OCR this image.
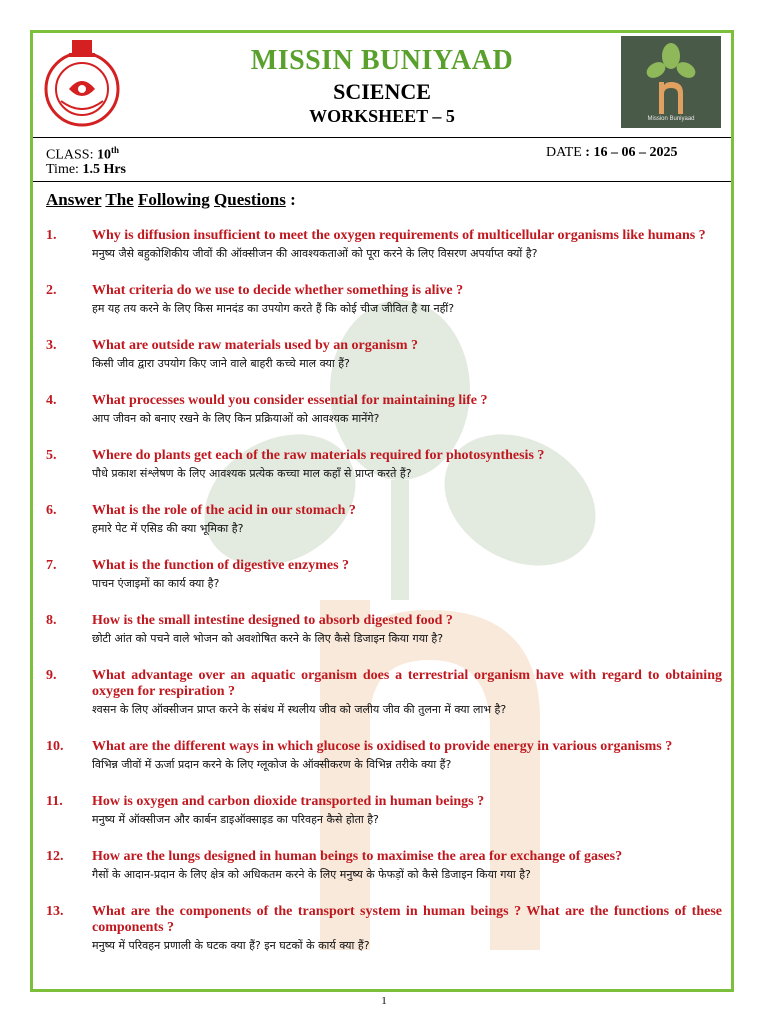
MISSIN BUNIYAAD
SCIENCE
WORKSHEET – 5	Mission Buniyaad
CLASS: 10th
Time: 1.5 Hrs
DATE : 16 – 06 – 2025
Answer The Following Questions :
1.	Why is diffusion insufficient to meet the oxygen requirements of multicellular organisms like humans ?

मनुष्य जैसे बहुकोशिकीय जीवों की ऑक्सीजन की आवश्यकताओं को पूरा करने के लिए विसरण अपर्याप्त क्यों है?

2.	What criteria do we use to decide whether something is alive ?

हम यह तय करने के लिए किस मानदंड का उपयोग करते हैं कि कोई चीज जीवित है या नहीं?

3.	What are outside raw materials used by an organism ?

किसी जीव द्वारा उपयोग किए जाने वाले बाहरी कच्चे माल क्या हैं?

4.	What processes would you consider essential for maintaining life ?

आप जीवन को बनाए रखने के लिए किन प्रक्रियाओं को आवश्यक मानेंगे?

5.	Where do plants get each of the raw materials required for photosynthesis ?

पौधे प्रकाश संश्लेषण के लिए आवश्यक प्रत्येक कच्चा माल कहाँ से प्राप्त करते हैं?

6.	What is the role of the acid in our stomach ?

हमारे पेट में एसिड की क्या भूमिका है?

7.	What is the function of digestive enzymes ?

पाचन एंजाइमों का कार्य क्या है?

8.	How is the small intestine designed to absorb digested food ?

छोटी आंत को पचने वाले भोजन को अवशोषित करने के लिए कैसे डिजाइन किया गया है?

9.	What advantage over an aquatic organism does a terrestrial organism have with regard to obtaining oxygen for respiration ?

श्वसन के लिए ऑक्सीजन प्राप्त करने के संबंध में स्थलीय जीव को जलीय जीव की तुलना में क्या लाभ है?

10.	What are the different ways in which glucose is oxidised to provide energy in various organisms ?

विभिन्न जीवों में ऊर्जा प्रदान करने के लिए ग्लूकोज के ऑक्सीकरण के विभिन्न तरीके क्या हैं?

11.	How is oxygen and carbon dioxide transported in human beings ?

मनुष्य में ऑक्सीजन और कार्बन डाइऑक्साइड का परिवहन कैसे होता है?

12.	How are the lungs designed in human beings to maximise the area for exchange of gases?

गैसों के आदान-प्रदान के लिए क्षेत्र को अधिकतम करने के लिए मनुष्य के फेफड़ों को कैसे डिजाइन किया गया है?

13.	What are the components of the transport system in human beings ? What are the functions of these components ?

मनुष्य में परिवहन प्रणाली के घटक क्या हैं? इन घटकों के कार्य क्या हैं?

1
